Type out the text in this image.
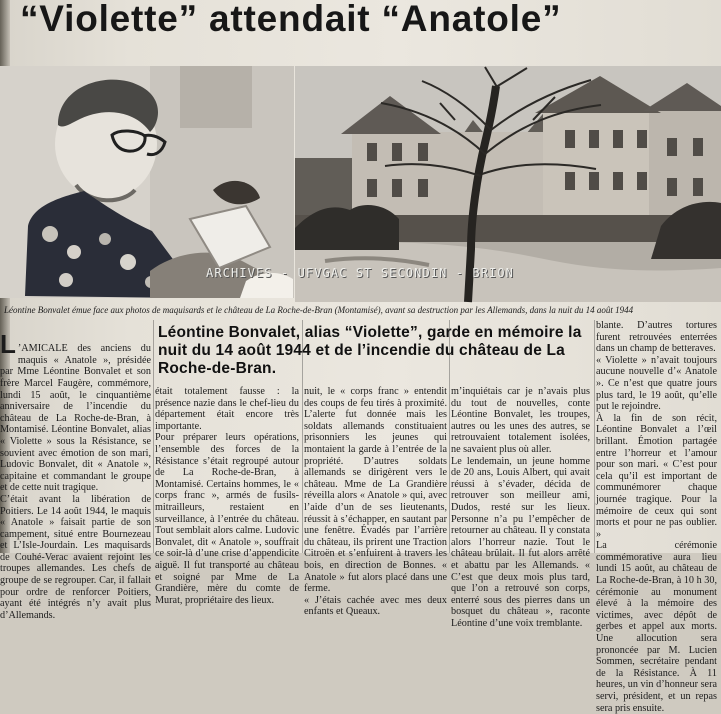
“Violette” attendait “Anatole”
ARCHIVES - UFVGAC ST SECONDIN - BRION
Léontine Bonvalet émue face aux photos de maquisards et le château de La Roche-de-Bran (Montamisé), avant sa destruction par les Allemands, dans la nuit du 14 août 1944
Léontine Bonvalet, alias “Violette”, garde en mémoire la nuit du 14 août 1944 et de l’incendie du château de La Roche-de-Bran.

L ’AMICALE des anciens du maquis « Anatole », présidée par Mme Léontine Bonvalet et son frère Marcel Faugère, commémore, lundi 15 août, le cinquantième anniversaire de l’incendie du château de La Roche-de-Bran, à Montamisé. Léontine Bonvalet, alias « Violette » sous la Résistance, se souvient avec émotion de son mari, Ludovic Bonvalet, dit « Anatole », capitaine et commandant le groupe et de cette nuit tragique.
C’était avant la libération de Poitiers. Le 14 août 1944, le maquis « Anatole » faisait partie de son campement, situé entre Bournezeau et L’Isle-Jourdain. Les maquisards de Couhé-Verac avaient rejoint les troupes allemandes. Les chefs de groupe de se regrouper. Car, il fallait pour ordre de renforcer Poitiers, ayant été intégrés n’y avait plus d’Allemands.

était totalement fausse : la présence nazie dans le chef-lieu du département était encore très importante.
Pour préparer leurs opérations, l’ensemble des forces de la Résistance s’était regroupé autour de La Roche-de-Bran, à Montamisé. Certains hommes, le « corps franc », armés de fusils-mitrailleurs, restaient en surveillance, à l’entrée du château. Tout semblait alors calme. Ludovic Bonvalet, dit « Anatole », souffrait ce soir-là d’une crise d’appendicite aiguë. Il fut transporté au château et soigné par Mme de La Grandière, mère du comte de Murat, propriétaire des lieux.
nuit, le « corps franc » entendit des coups de feu tirés à proximité. L’alerte fut donnée mais les soldats allemands constituaient prisonniers les jeunes qui montaient la garde à l’entrée de la propriété. D’autres soldats allemands se dirigèrent vers le château. Mme de La Grandière réveilla alors « Anatole » qui, avec l’aide d’un de ses lieutenants, réussit à s’échapper, en sautant par une fenêtre. Évadés par l’arrière du château, ils prirent une Traction Citroën et s’enfuirent à travers les bois, en direction de Bonnes. « Anatole » fut alors placé dans une ferme.
« J’étais cachée avec mes deux enfants et Queaux.
m’inquiétais car je n’avais plus du tout de nouvelles, conte Léontine Bonvalet, les troupes, autres ou les unes des autres, se retrouvaient totalement isolées, ne savaient plus où aller.
Le lendemain, un jeune homme de 20 ans, Louis Albert, qui avait réussi à s’évader, décida de retrouver son meilleur ami, Dudos, resté sur les lieux. Personne n’a pu l’empêcher de retourner au château. Il y constata alors l’horreur nazie. Tout le château brûlait. Il fut alors arrêté et abattu par les Allemands. « C’est que deux mois plus tard, que l’on a retrouvé son corps, enterré sous des pierres dans un bosquet du château », raconte Léontine d’une voix tremblante.
blante. D’autres tortures furent retrouvées enterrées dans un champ de betteraves.
« Violette » n’avait toujours aucune nouvelle d’« Anatole ». Ce n’est que quatre jours plus tard, le 19 août, qu’elle put le rejoindre.
À la fin de son récit, Léontine Bonvalet a l’œil brillant. Émotion partagée entre l’horreur et l’amour pour son mari. « C’est pour cela qu’il est important de communémorer chaque journée tragique. Pour la mémoire de ceux qui sont morts et pour ne pas oublier. »
La cérémonie commémorative aura lieu lundi 15 août, au château de La Roche-de-Bran, à 10 h 30, cérémonie au monument élevé à la mémoire des victimes, avec dépôt de gerbes et appel aux morts. Une allocution sera prononcée par M. Lucien Sommen, secrétaire pendant de la Résistance. À 11 heures, un vin d’honneur sera servi, président, et un repas sera pris ensuite.
